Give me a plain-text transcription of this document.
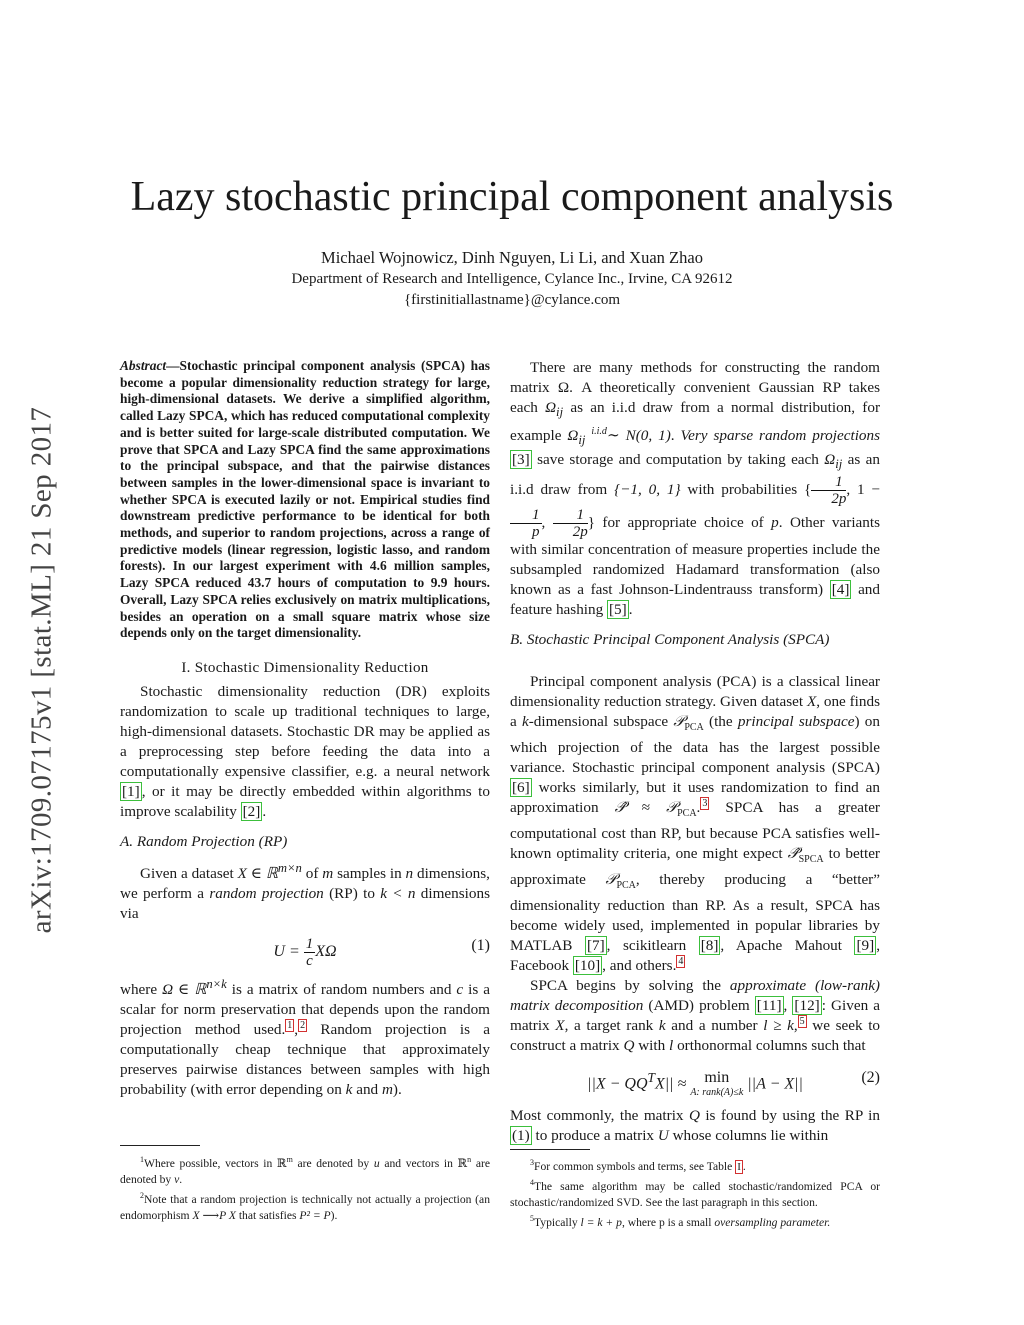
arXiv:1709.07175v1 [stat.ML] 21 Sep 2017
Lazy stochastic principal component analysis
Michael Wojnowicz, Dinh Nguyen, Li Li, and Xuan Zhao
Department of Research and Intelligence, Cylance Inc., Irvine, CA 92612
{firstinitiallastname}@cylance.com

Abstract—Stochastic principal component analysis (SPCA) has become a popular dimensionality reduction strategy for large, high-dimensional datasets. We derive a simplified algorithm, called Lazy SPCA, which has reduced computational complexity and is better suited for large-scale distributed computation. We prove that SPCA and Lazy SPCA find the same approximations to the principal subspace, and that the pairwise distances between samples in the lower-dimensional space is invariant to whether SPCA is executed lazily or not. Empirical studies find downstream predictive performance to be identical for both methods, and superior to random projections, across a range of predictive models (linear regression, logistic lasso, and random forests). In our largest experiment with 4.6 million samples, Lazy SPCA reduced 43.7 hours of computation to 9.9 hours. Overall, Lazy SPCA relies exclusively on matrix multiplications, besides an operation on a small square matrix whose size depends only on the target dimensionality.

I. Stochastic Dimensionality Reduction

Stochastic dimensionality reduction (DR) exploits randomization to scale up traditional techniques to large, high-dimensional datasets. Stochastic DR may be applied as a preprocessing step before feeding the data into a computationally expensive classifier, e.g. a neural network [1] , or it may be directly embedded within algorithms to improve scalability [2] .

A. Random Projection (RP)

Given a dataset X ∈ ℝ$^{m\times n}$ of m samples in n dimensions, we perform a random projection (RP) to k < n dimensions via

$U = \frac{1}{c}$ XΩ	(1)

where Ω ∈ ℝ$^{n\times k}$ is a matrix of random numbers and c is a scalar for norm preservation that depends upon the random projection method used. $^1$ , $^2$ Random projection is a computationally cheap technique that approximately preserves pairwise distances between samples with high probability (with error depending on k and m).

$^1$Where possible, vectors in ℝ$^m$ are denoted by u and vectors in ℝ$^n$ are denoted by v.

$^2$Note that a random projection is technically not actually a projection (an endomorphism X ⟶P X that satisfies P² = P).

There are many methods for constructing the random matrix Ω. A theoretically convenient Gaussian RP takes each $\Omega_{ij}$ as an i.i.d draw from a normal distribution, for example $\Omega_{ij}$ $^{i.i.d}$∼ N(0, 1). Very sparse random projections [3] save storage and computation by taking each $\Omega_{ij}$ as an i.i.d draw from {−1, 0, 1} with probabilities { $\frac{1}{2p}$ , 1 −
$\frac{1}{p}$ , $\frac{1}{2p}$ } for appropriate choice of p. Other variants with similar concentration of measure properties include the subsampled randomized Hadamard transformation (also known as a fast Johnson-Lindentrauss transform) [4] and feature hashing [5] .

B. Stochastic Principal Component Analysis (SPCA)

Principal component analysis (PCA) is a classical linear dimensionality reduction strategy. Given dataset X, one finds a k-dimensional subspace 𝒫$_{PCA}$ (the principal subspace) on which projection of the data has the largest possible variance. Stochastic principal component analysis (SPCA) [6] works similarly, but it uses randomization to find an approximation 𝒫̂ ≈ 𝒫$_{PCA}$. $^3$ SPCA has a greater computational cost than RP, but because PCA satisfies well-known optimality criteria, one might expect $𝒫̂_{SPCA}$ to better approximate 𝒫$_{PCA}$, thereby producing a “better” dimensionality reduction than RP. As a result, SPCA has become widely used, implemented in popular libraries by MATLAB [7] , scikitlearn [8] , Apache Mahout [9] , Facebook [10] , and others. $^4$

SPCA begins by solving the approximate (low-rank) matrix decomposition (AMD) problem [11] , [12] : Given a matrix X, a target rank k and a number l ≥ k, $^5$ we seek to construct a matrix Q with l orthonormal columns such that

$||X - QQ^TX||$ ≈	min
A: rank(A)≤k
||A − X||	(2)

Most commonly, the matrix Q is found by using the RP in (1) to produce a matrix U whose columns lie within

$^3$For common symbols and terms, see Table I .

$^4$The same algorithm may be called stochastic/randomized PCA or stochastic/randomized SVD. See the last paragraph in this section.

$^5$Typically l = k + p, where p is a small oversampling parameter.
